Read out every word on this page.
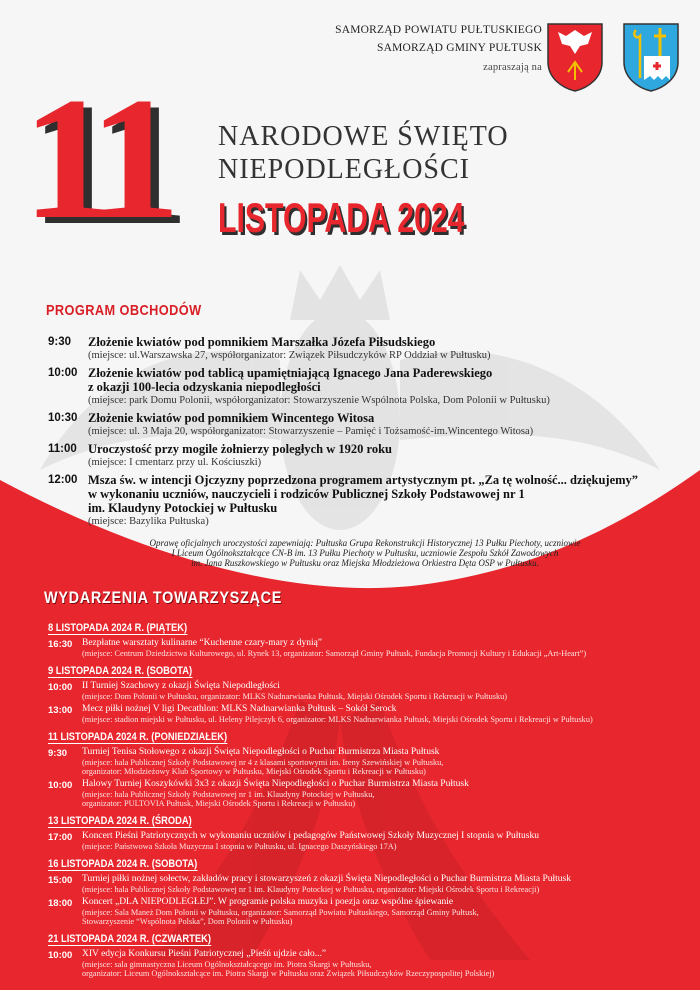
SAMORZĄD POWIATU PUŁTUSKIEGO
SAMORZĄD GMINY PUŁTUSK
zapraszają na
11 NARODOWE ŚWIĘTO
NIEPODLEGŁOŚCI
LISTOPADA 2024
PROGRAM OBCHODÓW
9:30	Złożenie kwiatów pod pomnikiem Marszałka Józefa Piłsudskiego
(miejsce: ul.Warszawska 27, współorganizator: Związek Piłsudczyków RP Oddział w Pułtusku)
10:00 Złożenie kwiatów pod tablicą upamiętniającą Ignacego Jana Paderewskiego
z okazji 100-lecia odzyskania niepodległości
(miejsce: park Domu Polonii, współorganizator: Stowarzyszenie Wspólnota Polska, Dom Polonii w Pułtusku)
10:30 Złożenie kwiatów pod pomnikiem Wincentego Witosa
(miejsce: ul. 3 Maja 20, współorganizator: Stowarzyszenie – Pamięć i Tożsamość-im.Wincentego Witosa)
11:00 Uroczystość przy mogile żołnierzy poległych w 1920 roku
(miejsce: I cmentarz przy ul. Kościuszki)
12:00 Msza św. w intencji Ojczyzny poprzedzona programem artystycznym pt. „Za tę wolność... dziękujemy”
w wykonaniu uczniów, nauczycieli i rodziców Publicznej Szkoły Podstawowej nr 1
im. Klaudyny Potockiej w Pułtusku
(miejsce: Bazylika Pułtuska)
Oprawę oficjalnych uroczystości zapewniają: Pułtuska Grupa Rekonstrukcji Historycznej 13 Pułku Piechoty, uczniowie
I Liceum Ogólnokształcące CN-B im. 13 Pułku Piechoty w Pułtusku, uczniowie Zespołu Szkół Zawodowych
im. Jana Ruszkowskiego w Pułtusku oraz Miejska Młodzieżowa Orkiestra Dęta OSP w Pułtusku.
WYDARZENIA TOWARZYSZĄCE
8 LISTOPADA 2024 R. (PIĄTEK)
16:30	Bezpłatne warsztaty kulinarne “Kuchenne czary-mary z dynią”
(miejsce: Centrum Dziedzictwa Kulturowego, ul. Rynek 13, organizator: Samorząd Gminy Pułtusk, Fundacja Promocji Kultury i Edukacji „Art-Heart”)
9 LISTOPADA 2024 R. (SOBOTA)
10:00	II Turniej Szachowy z okazji Święta Niepodległości
(miejsce: Dom Polonii w Pułtusku, organizator: MLKS Nadnarwianka Pułtusk, Miejski Ośrodek Sportu i Rekreacji w Pułtusku)
13:00	Mecz piłki nożnej V ligi Decathlon: MLKS Nadnarwianka Pułtusk – Sokół Serock
(miejsce: stadion miejski w Pułtusku, ul. Heleny Pilejczyk 6, organizator: MLKS Nadnarwianka Pułtusk, Miejski Ośrodek Sportu i Rekreacji w Pułtusku)
11 LISTOPADA 2024 R. (PONIEDZIAŁEK)
9:30	Turniej Tenisa Stołowego z okazji Święta Niepodległości o Puchar Burmistrza Miasta Pułtusk
(miejsce: hala Publicznej Szkoły Podstawowej nr 4 z klasami sportowymi im. Ireny Szewińskiej w Pułtusku,
organizator: Młodzieżowy Klub Sportowy w Pułtusku, Miejski Ośrodek Sportu i Rekreacji w Pułtusku)
10:00	Halowy Turniej Koszykówki 3x3 z okazji Święta Niepodległości o Puchar Burmistrza Miasta Pułtusk
(miejsce: hala Publicznej Szkoły Podstawowej nr 1 im. Klaudyny Potockiej w Pułtusku,
organizator: PULTOVIA Pułtusk, Miejski Ośrodek Sportu i Rekreacji w Pułtusku)
13 LISTOPADA 2024 R. (ŚRODA)
17:00	Koncert Pieśni Patriotycznych w wykonaniu uczniów i pedagogów Państwowej Szkoły Muzycznej I stopnia w Pułtusku
(miejsce: Państwowa Szkoła Muzyczna I stopnia w Pułtusku, ul. Ignacego Daszyńskiego 17A)
16 LISTOPADA 2024 R. (SOBOTA)
15:00	Turniej piłki nożnej sołectw, zakładów pracy i stowarzyszeń z okazji Święta Niepodległości o Puchar Burmistrza Miasta Pułtusk
(miejsce: hala Publicznej Szkoły Podstawowej nr 1 im. Klaudyny Potockiej w Pułtusku, organizator: Miejski Ośrodek Sportu i Rekreacji)
18:00	Koncert „DLA NIEPODLEGŁEJ”. W programie polska muzyka i poezja oraz wspólne śpiewanie
(miejsce: Sala Maneż Dom Polonii w Pułtusku, organizator: Samorząd Powiatu Pułtuskiego, Samorząd Gminy Pułtusk,
Stowarzyszenie “Wspólnota Polska”, Dom Polonii w Pułtusku)
21 LISTOPADA 2024 R. (CZWARTEK)
10:00	XIV edycja Konkursu Pieśni Patriotycznej „Pieśń ujdzie cało...”
(miejsce: sala gimnastyczna Liceum Ogólnokształcącego im. Piotra Skargi w Pułtusku,
organizator: Liceum Ogólnokształcące im. Piotra Skargi w Pułtusku oraz Związek Piłsudczyków Rzeczypospolitej Polskiej)
